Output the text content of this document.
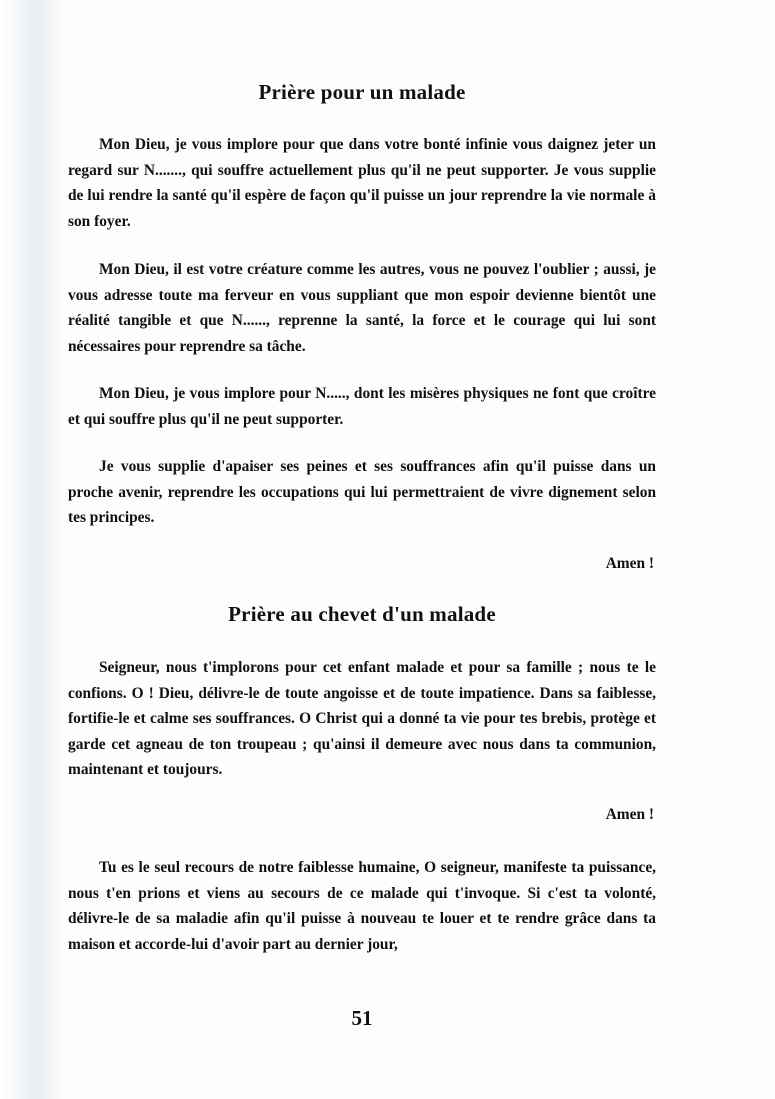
Prière pour un malade

Mon Dieu, je vous implore pour que dans votre bonté infinie vous daignez jeter un regard sur N......., qui souffre actuellement plus qu'il ne peut supporter. Je vous supplie de lui rendre la santé qu'il espère de façon qu'il puisse un jour reprendre la vie normale à son foyer.

Mon Dieu, il est votre créature comme les autres, vous ne pouvez l'oublier ; aussi, je vous adresse toute ma ferveur en vous suppliant que mon espoir devienne bientôt une réalité tangible et que N......, reprenne la santé, la force et le courage qui lui sont nécessaires pour reprendre sa tâche.

Mon Dieu, je vous implore pour N....., dont les misères physiques ne font que croître et qui souffre plus qu'il ne peut supporter.

Je vous supplie d'apaiser ses peines et ses souffrances afin qu'il puisse dans un proche avenir, reprendre les occupations qui lui permettraient de vivre dignement selon tes principes.

Amen !
Prière au chevet d'un malade

Seigneur, nous t'implorons pour cet enfant malade et pour sa famille ; nous te le confions. O ! Dieu, délivre-le de toute angoisse et de toute impatience. Dans sa faiblesse, fortifie-le et calme ses souffrances. O Christ qui a donné ta vie pour tes brebis, protège et garde cet agneau de ton troupeau ; qu'ainsi il demeure avec nous dans ta communion, maintenant et toujours.

Amen !

Tu es le seul recours de notre faiblesse humaine, O seigneur, manifeste ta puissance, nous t'en prions et viens au secours de ce malade qui t'invoque. Si c'est ta volonté, délivre-le de sa maladie afin qu'il puisse à nouveau te louer et te rendre grâce dans ta maison et accorde-lui d'avoir part au dernier jour,

51
